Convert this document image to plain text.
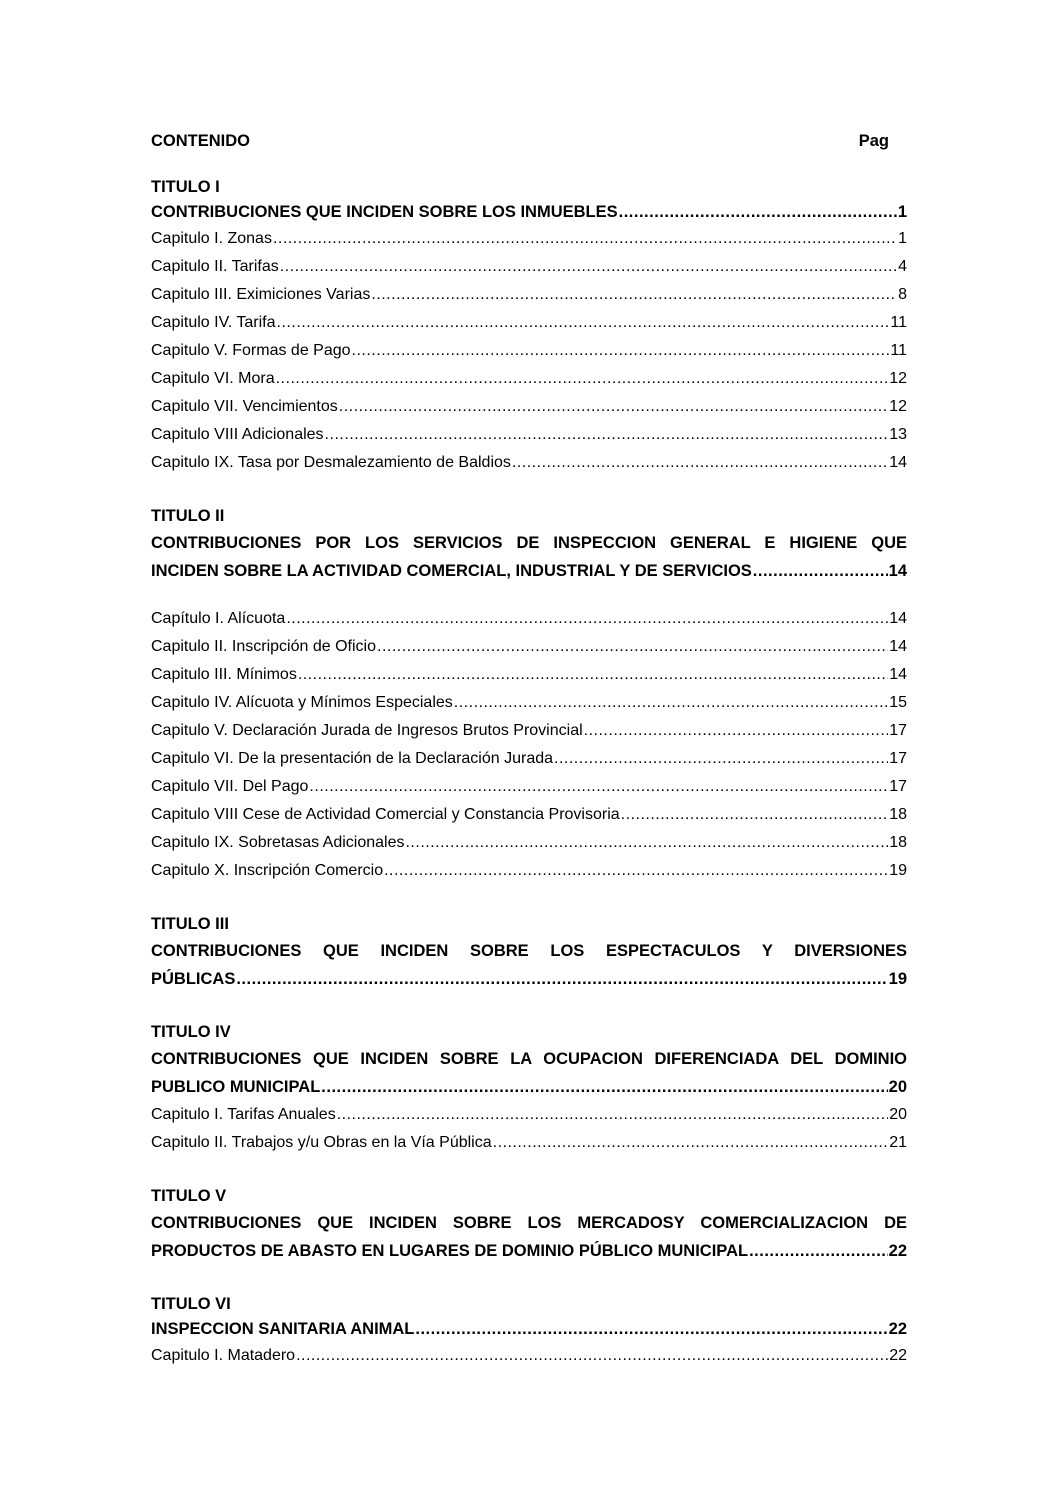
CONTENIDO	Pag
TITULO I
CONTRIBUCIONES QUE INCIDEN SOBRE LOS INMUEBLES .....	1
Capitulo I. Zonas .....	1
Capitulo II. Tarifas .....	4
Capitulo III. Eximiciones Varias .....	8
Capitulo IV. Tarifa .....	11
Capitulo V. Formas de Pago .....	11
Capitulo VI. Mora .....	12
Capitulo VII. Vencimientos .....	12
Capitulo VIII Adicionales .....	13
Capitulo IX. Tasa por Desmalezamiento de Baldios .....	14
TITULO II
CONTRIBUCIONES POR LOS SERVICIOS DE INSPECCION GENERAL E HIGIENE QUE
INCIDEN SOBRE LA ACTIVIDAD COMERCIAL, INDUSTRIAL Y DE SERVICIOS .....	14
Capítulo I. Alícuota .....	14
Capitulo II. Inscripción de Oficio .....	14
Capitulo III. Mínimos .....	14
Capitulo IV. Alícuota y Mínimos Especiales .....	15
Capitulo V. Declaración Jurada de Ingresos Brutos Provincial .....	17
Capitulo VI. De la presentación de la Declaración Jurada .....	17
Capitulo VII. Del Pago .....	17
Capitulo VIII Cese de Actividad Comercial y Constancia Provisoria .....	18
Capitulo IX. Sobretasas Adicionales .....	18
Capitulo X. Inscripción Comercio .....	19
TITULO III
CONTRIBUCIONES QUE INCIDEN SOBRE LOS ESPECTACULOS Y DIVERSIONES
PÚBLICAS .....	19
TITULO IV
CONTRIBUCIONES QUE INCIDEN SOBRE LA OCUPACION DIFERENCIADA DEL DOMINIO
PUBLICO MUNICIPAL .....	20
Capitulo I. Tarifas Anuales .....	20
Capitulo II. Trabajos y/u Obras en la Vía Pública .....	21
TITULO V
CONTRIBUCIONES QUE INCIDEN SOBRE LOS MERCADOSY COMERCIALIZACION DE
PRODUCTOS DE ABASTO EN LUGARES DE DOMINIO PÚBLICO MUNICIPAL .....	22
TITULO VI
INSPECCION SANITARIA ANIMAL .....	22
Capitulo I. Matadero .....	22
